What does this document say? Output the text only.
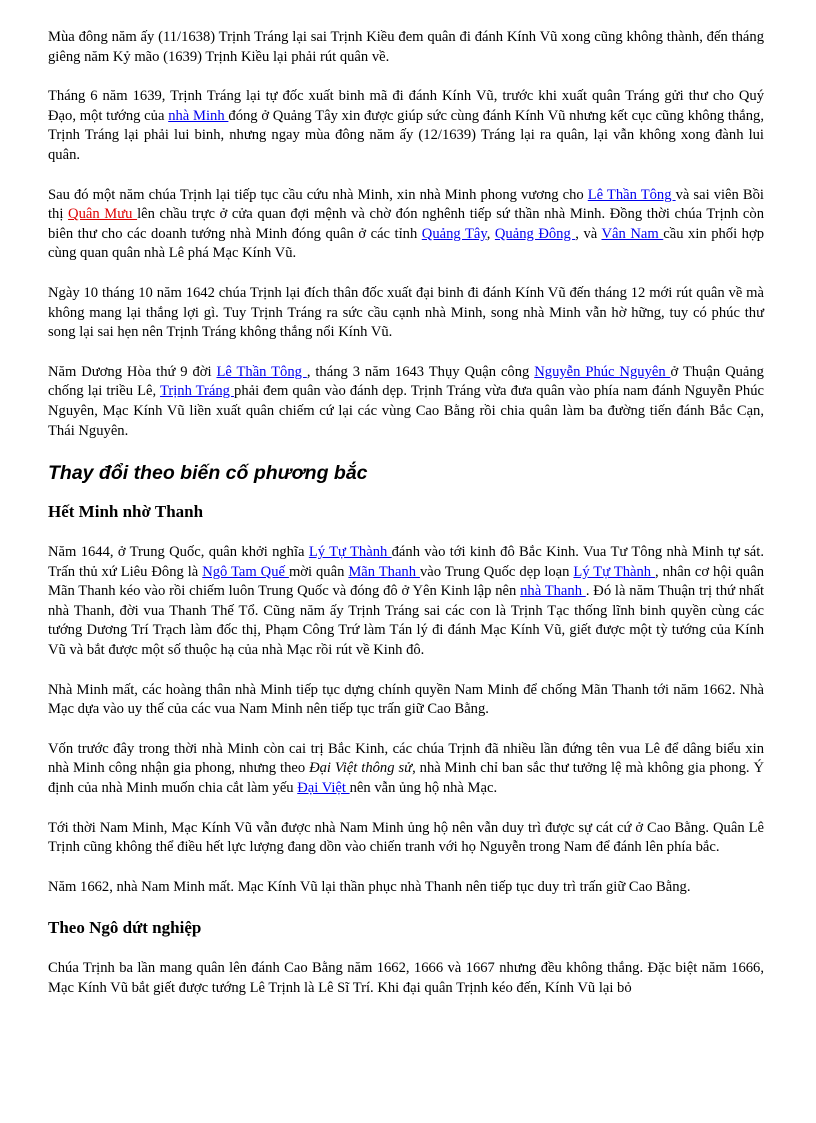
Mùa đông năm ấy (11/1638) Trịnh Tráng lại sai Trịnh Kiều đem quân đi đánh Kính Vũ xong cũng không thành, đến tháng giêng năm Kỷ mão (1639) Trịnh Kiều lại phải rút quân về.

Tháng 6 năm 1639, Trịnh Tráng lại tự đốc xuất binh mã đi đánh Kính Vũ, trước khi xuất quân Tráng gửi thư cho Quý Đạo, một tướng của nhà Minh đóng ở Quảng Tây xin được giúp sức cùng đánh Kính Vũ nhưng kết cục cũng không thắng, Trịnh Tráng lại phải lui binh, nhưng ngay mùa đông năm ấy (12/1639) Tráng lại ra quân, lại vẫn không xong đành lui quân.

Sau đó một năm chúa Trịnh lại tiếp tục cầu cứu nhà Minh, xin nhà Minh phong vương cho Lê Thần Tông và sai viên Bồi thị Quân Mưu lên chầu trực ở cửa quan đợi mệnh và chờ đón nghênh tiếp sứ thần nhà Minh. Đồng thời chúa Trịnh còn biên thư cho các doanh tướng nhà Minh đóng quân ở các tỉnh Quảng Tây, Quảng Đông , và Vân Nam cầu xin phối hợp cùng quan quân nhà Lê phá Mạc Kính Vũ.

Ngày 10 tháng 10 năm 1642 chúa Trịnh lại đích thân đốc xuất đại binh đi đánh Kính Vũ đến tháng 12 mới rút quân về mà không mang lại thắng lợi gì. Tuy Trịnh Tráng ra sức cầu cạnh nhà Minh, song nhà Minh vẫn hờ hững, tuy có phúc thư song lại sai hẹn nên Trịnh Tráng không thắng nổi Kính Vũ.

Năm Dương Hòa thứ 9 đời Lê Thần Tông , tháng 3 năm 1643 Thụy Quận công Nguyễn Phúc Nguyên ở Thuận Quảng chống lại triều Lê, Trịnh Tráng phải đem quân vào đánh dẹp. Trịnh Tráng vừa đưa quân vào phía nam đánh Nguyễn Phúc Nguyên, Mạc Kính Vũ liền xuất quân chiếm cứ lại các vùng Cao Bằng rồi chia quân làm ba đường tiến đánh Bắc Cạn, Thái Nguyên.

Thay đổi theo biến cố phương bắc
Hết Minh nhờ Thanh

Năm 1644, ở Trung Quốc, quân khởi nghĩa Lý Tự Thành đánh vào tới kinh đô Bắc Kinh. Vua Tư Tông nhà Minh tự sát. Trấn thủ xứ Liêu Đông là Ngô Tam Quế mời quân Mãn Thanh vào Trung Quốc dẹp loạn Lý Tự Thành , nhân cơ hội quân Mãn Thanh kéo vào rồi chiếm luôn Trung Quốc và đóng đô ở Yên Kinh lập nên nhà Thanh . Đó là năm Thuận trị thứ nhất nhà Thanh, đời vua Thanh Thế Tổ. Cũng năm ấy Trịnh Tráng sai các con là Trịnh Tạc thống lĩnh binh quyền cùng các tướng Dương Trí Trạch làm đốc thị, Phạm Công Trứ làm Tán lý đi đánh Mạc Kính Vũ, giết được một tỳ tướng của Kính Vũ và bắt được một số thuộc hạ của nhà Mạc rồi rút về Kinh đô.

Nhà Minh mất, các hoàng thân nhà Minh tiếp tục dựng chính quyền Nam Minh để chống Mãn Thanh tới năm 1662. Nhà Mạc dựa vào uy thế của các vua Nam Minh nên tiếp tục trấn giữ Cao Bằng.

Vốn trước đây trong thời nhà Minh còn cai trị Bắc Kinh, các chúa Trịnh đã nhiều lần đứng tên vua Lê để dâng biểu xin nhà Minh công nhận gia phong, nhưng theo Đại Việt thông sử, nhà Minh chỉ ban sắc thư tưởng lệ mà không gia phong. Ý định của nhà Minh muốn chia cắt làm yếu Đại Việt nên vẫn ủng hộ nhà Mạc.

Tới thời Nam Minh, Mạc Kính Vũ vẫn được nhà Nam Minh ủng hộ nên vẫn duy trì được sự cát cứ ở Cao Bằng. Quân Lê Trịnh cũng không thể điều hết lực lượng đang dồn vào chiến tranh với họ Nguyễn trong Nam để đánh lên phía bắc.

Năm 1662, nhà Nam Minh mất. Mạc Kính Vũ lại thần phục nhà Thanh nên tiếp tục duy trì trấn giữ Cao Bằng.

Theo Ngô dứt nghiệp

Chúa Trịnh ba lần mang quân lên đánh Cao Bằng năm 1662, 1666 và 1667 nhưng đều không thắng. Đặc biệt năm 1666, Mạc Kính Vũ bắt giết được tướng Lê Trịnh là Lê Sĩ Trí. Khi đại quân Trịnh kéo đến, Kính Vũ lại bỏ
